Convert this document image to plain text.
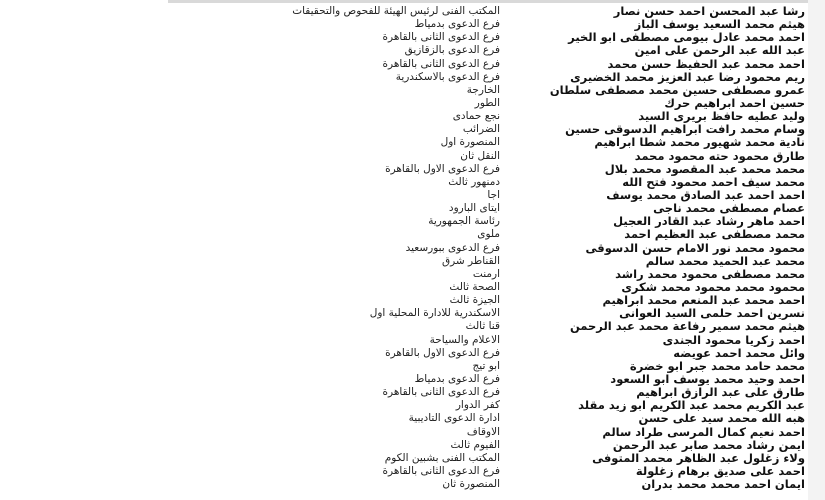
رشا عبد المحسن احمد حسن نصار
المكتب الفنى لرئيس الهيئة للفحوص والتحقيقات
هيثم محمد السعيد يوسف الباز
فرع الدعوى بدمياط
احمد محمد عادل بيومى مصطفى ابو الخير
فرع الدعوى الثانى بالقاهرة
عبد الله عبد الرحمن على امين
فرع الدعوى بالزقازيق
احمد محمد عبد الحفيظ حسن محمد
فرع الدعوى الثانى بالقاهرة
ريم محمود رضا عبد العزيز محمد الخضيرى
فرع الدعوى بالاسكندرية
عمرو مصطفى حسين محمد مصطفى سلطان
الخارجة
حسين احمد ابراهيم حرك
الطور
وليد عطيه حافظ بريرى السيد
نجع حمادى
وسام محمد رافت ابراهيم الدسوقى حسين
الضرائب
نادية محمد شهيور محمد شطا ابراهيم
المنصورة اول
طارق محمود حته محمود محمد
النقل ثان
محمد محمد عبد المقصود محمد بلال
فرع الدعوى الاول بالقاهرة
محمد سيف احمد محمود فتح الله
دمنهور ثالث
احمد احمد عبد الصادق محمد يوسف
اجا
عصام مصطفى محمد ناجى
ايتاى البارود
احمد ماهر رشاد عبد القادر العجيل
رئاسة الجمهورية
محمد مصطفى عبد العظيم احمد
ملوى
محمود محمد نور الامام حسن الدسوقى
فرع الدعوى ببورسعيد
محمد عبد الحميد محمد سالم
القناطر شرق
محمد مصطفى محمود محمد راشد
ارمنت
محمود محمد محمود محمد شكرى
الصحة ثالث
احمد محمد عبد المنعم محمد ابراهيم
الجيزة ثالث
نسرين احمد حلمى السيد العوانى
الاسكندرية للادارة المحلية اول
هيثم محمد سمير رفاعة محمد عبد الرحمن
قنا ثالث
احمد زكريا محمود الجندى
الاعلام والسياحة
وائل محمد احمد عويضه
فرع الدعوى الاول بالقاهرة
محمد حامد محمد جبر ابو خضرة
ابو تيج
احمد وحيد محمد يوسف ابو السعود
فرع الدعوى بدمياط
طارق على عبد الرازق ابراهيم
فرع الدعوى الثانى بالقاهرة
عبد الكريم محمد عبد الكريم ابو زيد مقلد
كفر الدوار
هبه الله محمد سيد على حسن
ادارة الدعوى التاديبية
احمد نعيم كمال المرسى طراد سالم
الاوقاف
ايمن رشاد محمد صابر عبد الرحمن
الفيوم ثالث
ولاء زغلول عبد الظاهر محمد المتوفى
المكتب الفنى بشبين الكوم
احمد على صديق برهام زغلولة
فرع الدعوى الثانى بالقاهرة
ايمان احمد محمد محمد بدران
المنصورة ثان
